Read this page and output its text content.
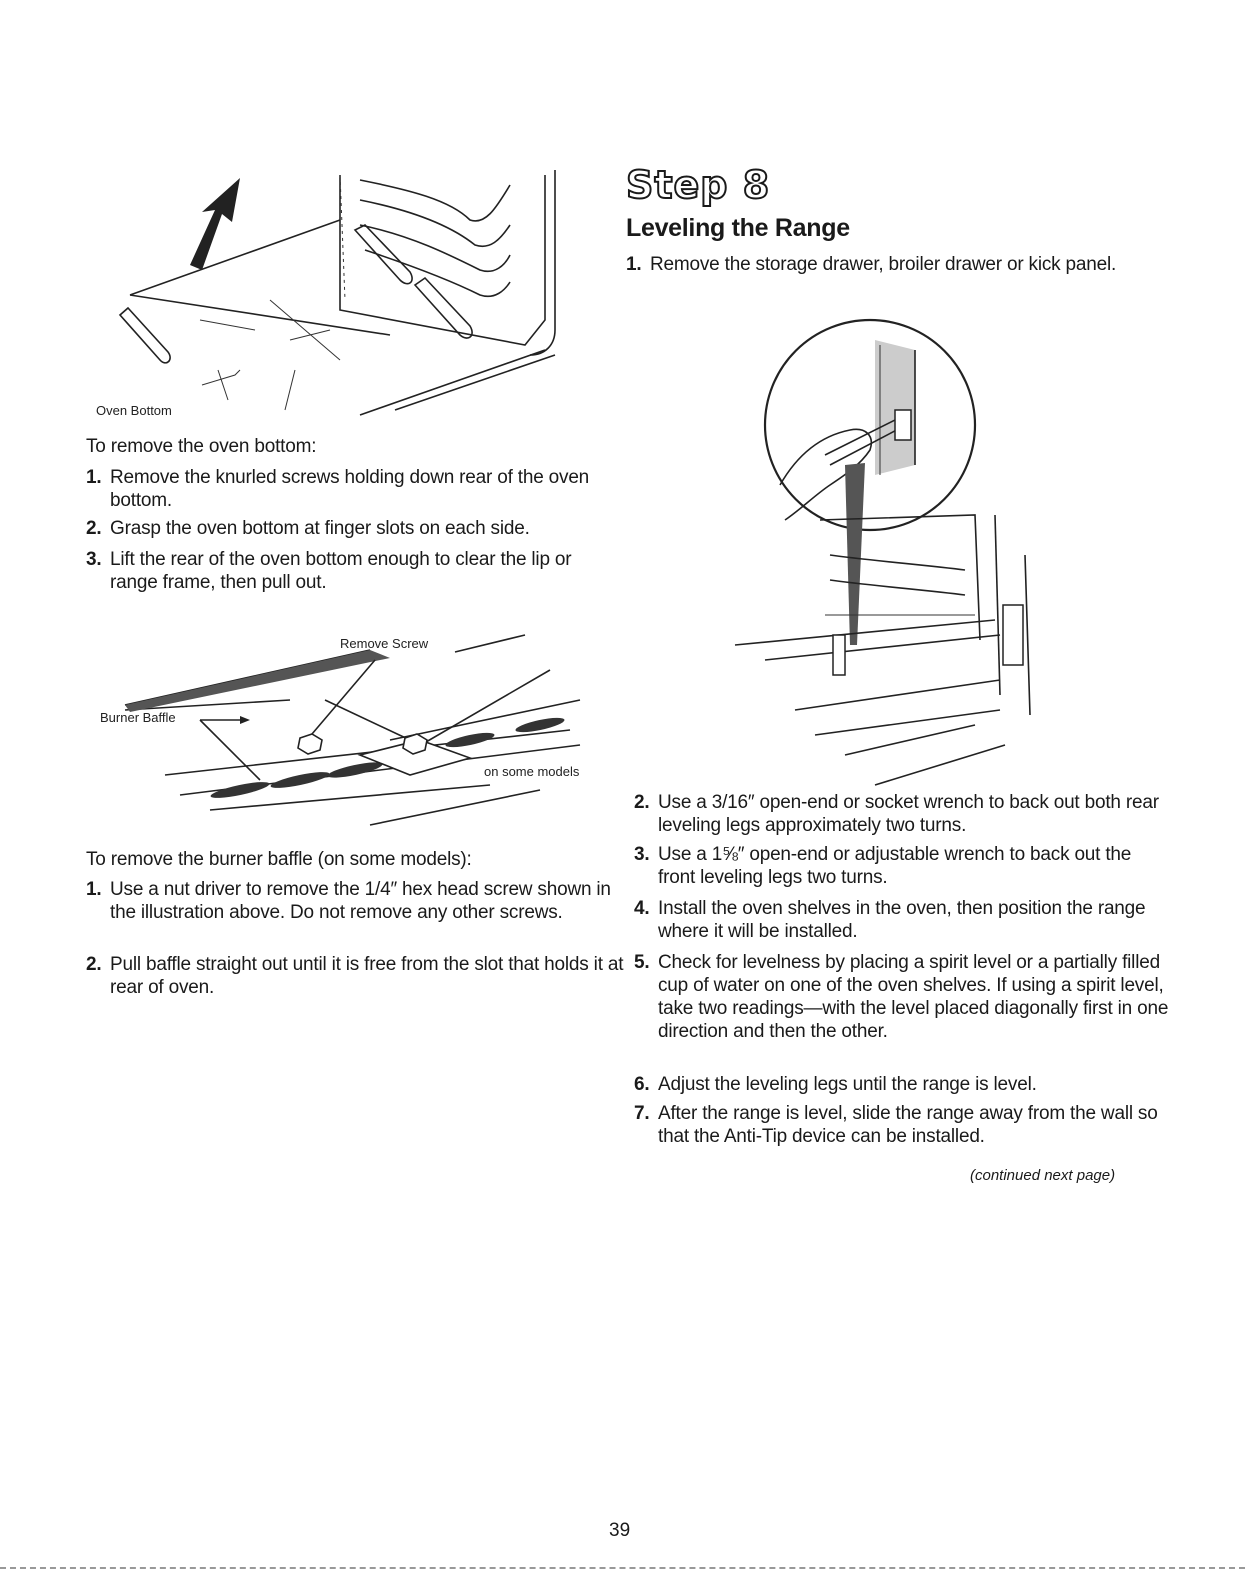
Oven Bottom
To remove the oven bottom:
1. Remove the knurled screws holding down rear of the oven bottom.
2. Grasp the oven bottom at finger slots on each side.
3. Lift the rear of the oven bottom enough to clear the lip or range frame, then pull out.
Remove Screw
Burner Baffle
on some models
To remove the burner baffle (on some models):
1. Use a nut driver to remove the 1/4″ hex head screw shown in the illustration above. Do not remove any other screws.
2. Pull baffle straight out until it is free from the slot that holds it at rear of oven.
Step 8
Leveling the Range
1. Remove the storage drawer, broiler drawer or kick panel.
2. Use a 3/16″ open-end or socket wrench to back out both rear leveling legs approximately two turns.
3. Use a 1⅝″ open-end or adjustable wrench to back out the front leveling legs two turns.
4. Install the oven shelves in the oven, then position the range where it will be installed.
5. Check for levelness by placing a spirit level or a partially filled cup of water on one of the oven shelves. If using a spirit level, take two readings—with the level placed diagonally first in one direction and then the other.
6. Adjust the leveling legs until the range is level.
7. After the range is level, slide the range away from the wall so that the Anti-Tip device can be installed.
(continued next page)
39
